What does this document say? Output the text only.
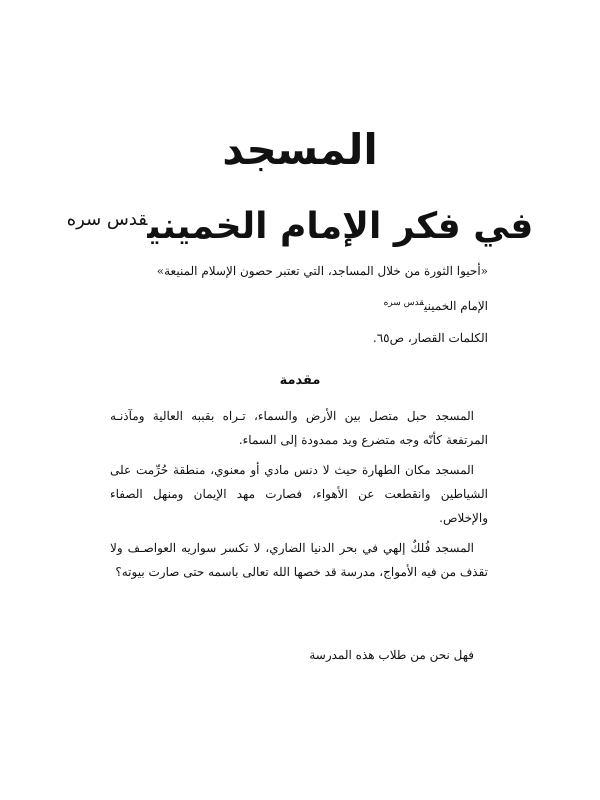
المسجد
في فكر الإمام الخميني$^{قدس سره}$

«أحيوا الثورة من خلال المساجد، التي تعتبر حصون الإسلام المنيعة»

الإمام الخميني$^{قدس سره}$

الكلمات القصار، ص٦٥.

مقدمة

المسجد حبل متصل بين الأرض والسماء، تـراه بقببه العالية ومآذنـه المرتفعة كأنّه وجه متضرع ويد ممدودة إلى السماء.

المسجد مكان الطهارة حيث لا دنس مادي أو معنوي، منطقة حُرِّمت على الشياطين وانقطعت عن الأهواء، فصارت مهد الإيمان ومنهل الصفاء والإخلاص.

المسجد فُلكٌ إلهي في بحر الدنيا الضاري، لا تكسر سواريه العواصـف ولا تقذف من فيه الأمواج، مدرسة قد خصها الله تعالى باسمه حتى صارت بيوته؟

فهل نحن من طلاب هذه المدرسة
